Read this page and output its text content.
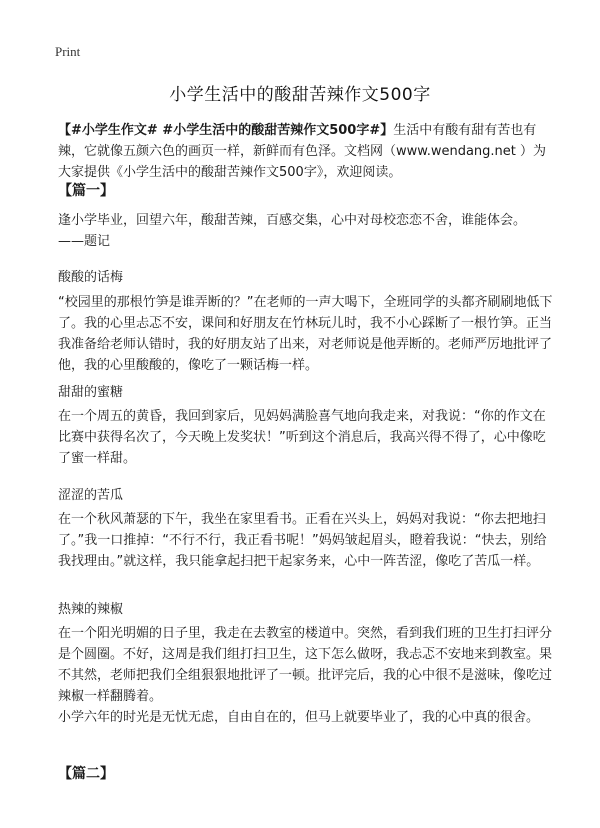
Print
小学生活中的酸甜苦辣作文500字
【#小学生作文# #小学生活中的酸甜苦辣作文500字#】生活中有酸有甜有苦也有辣，它就像五颜六色的画页一样，新鲜而有色泽。文档网（www.wendang.net ）为大家提供《小学生活中的酸甜苦辣作文500字》，欢迎阅读。
【篇一】
逢小学毕业，回望六年，酸甜苦辣，百感交集，心中对母校恋恋不舍，谁能体会。
——题记
酸酸的话梅
“校园里的那根竹笋是谁弄断的？”在老师的一声大喝下，全班同学的头都齐刷刷地低下了。我的心里忐忑不安，课间和好朋友在竹林玩儿时，我不小心踩断了一根竹笋。正当我准备给老师认错时，我的好朋友站了出来，对老师说是他弄断的。老师严厉地批评了他，我的心里酸酸的，像吃了一颗话梅一样。
甜甜的蜜糖
在一个周五的黄昏，我回到家后，见妈妈满脸喜气地向我走来，对我说：“你的作文在比赛中获得名次了，今天晚上发奖状！”听到这个消息后，我高兴得不得了，心中像吃了蜜一样甜。
涩涩的苦瓜
在一个秋风萧瑟的下午，我坐在家里看书。正看在兴头上，妈妈对我说：“你去把地扫了。”我一口推掉：“不行不行，我正看书呢！”妈妈皱起眉头，瞪着我说：“快去，别给我找理由。”就这样，我只能拿起扫把干起家务来，心中一阵苦涩，像吃了苦瓜一样。
热辣的辣椒
在一个阳光明媚的日子里，我走在去教室的楼道中。突然，看到我们班的卫生打扫评分是个圆圈。不好，这周是我们组打扫卫生，这下怎么做呀，我忐忑不安地来到教室。果不其然，老师把我们全组狠狠地批评了一顿。批评完后，我的心中很不是滋味，像吃过辣椒一样翻腾着。
小学六年的时光是无忧无虑，自由自在的，但马上就要毕业了，我的心中真的很舍。
【篇二】
